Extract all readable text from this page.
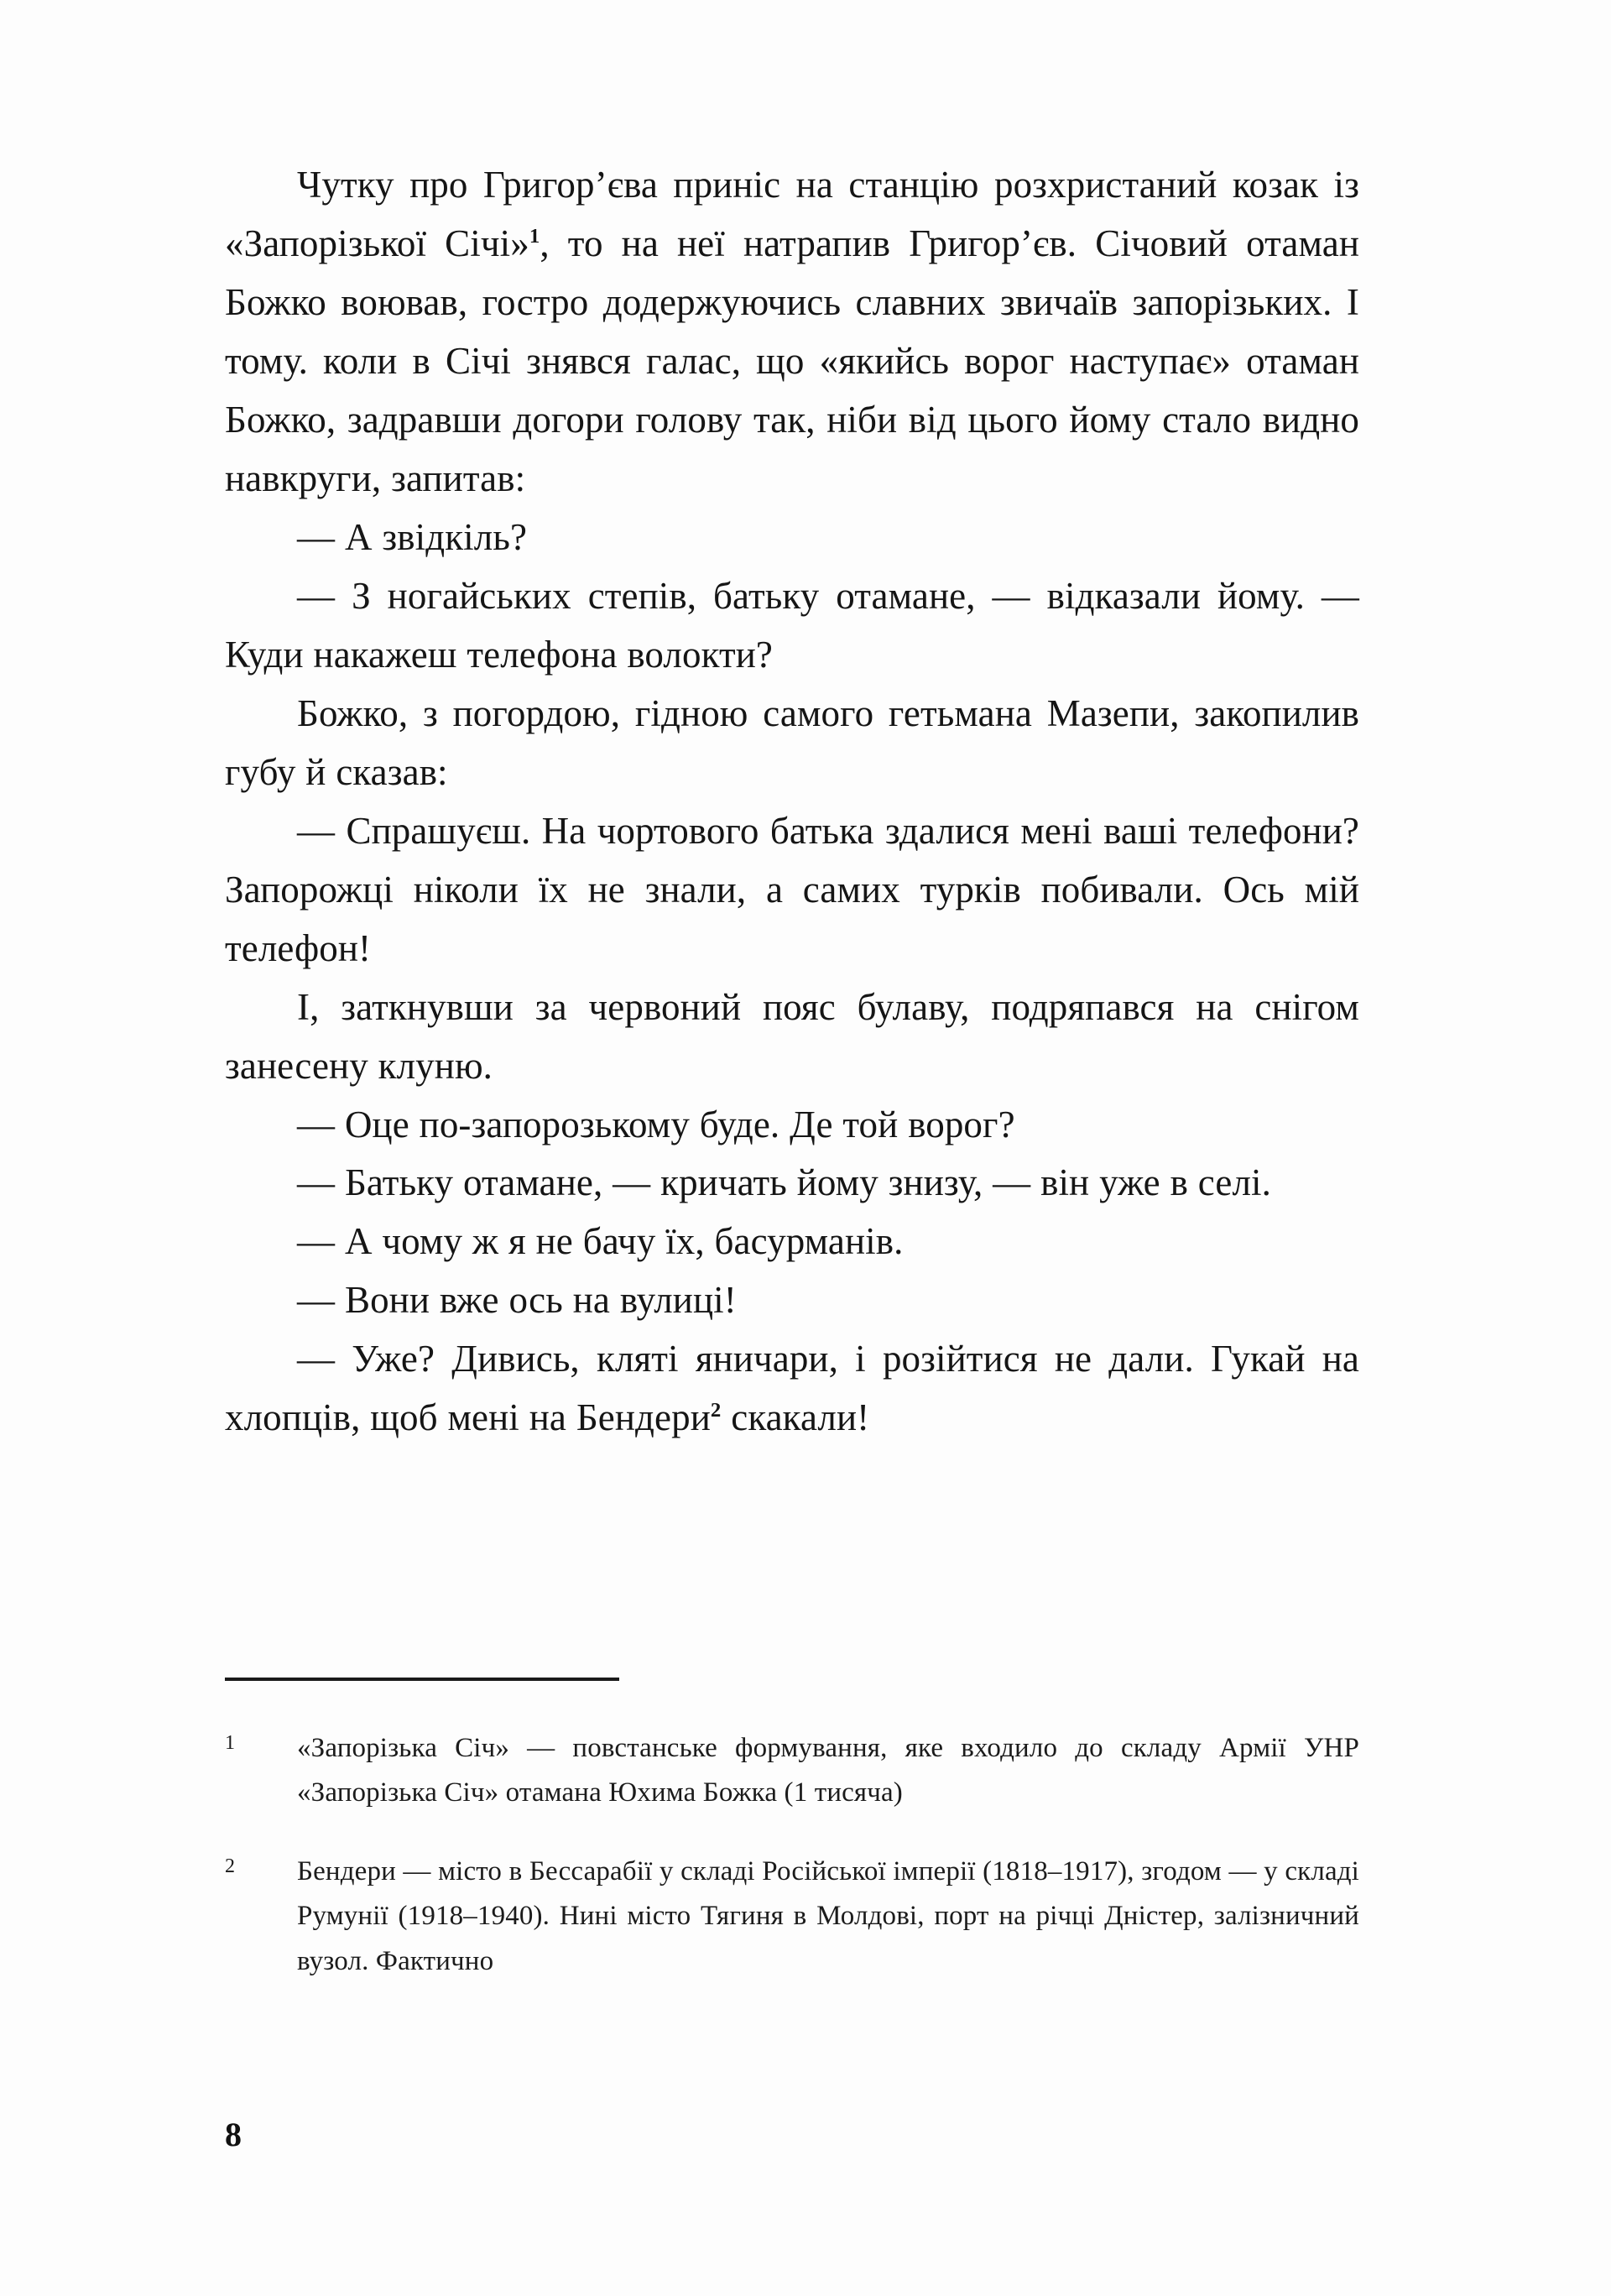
Чутку про Григор’єва приніс на станцію розхристаний козак із «Запорізької Січі»$^1$, то на неї натрапив Григор’єв. Січовий отаман Божко воював, гостро додержуючись славних звичаїв запорізьких. І тому. коли в Січі знявся галас, що «якийсь ворог наступає» отаман Божко, задравши догори голову так, ніби від цього йому стало видно навкруги, запитав:

— А звідкіль?

— З ногайських степів, батьку отамане, — відказали йому. — Куди накажеш телефона волокти?

Божко, з погордою, гідною самого гетьмана Мазепи, закопилив губу й сказав:

— Спрашуєш. На чортового батька здалися мені ваші телефони? Запорожці ніколи їх не знали, а самих турків побивали. Ось мій телефон!

І, заткнувши за червоний пояс булаву, подряпався на снігом занесену клуню.

— Оце по-запорозькому буде. Де той ворог?

— Батьку отамане, — кричать йому знизу, — він уже в селі.

— А чому ж я не бачу їх, басурманів.

— Вони вже ось на вулиці!

— Уже? Дивись, кляті яничари, і розійтися не дали. Гукай на хлопців, щоб мені на Бендери$^2$ скакали!

1	«Запорізька Січ» — повстанське формування, яке входило до складу Армії УНР «Запорізька Січ» отамана Юхима Божка (1 тисяча)
2	Бендери — місто в Бессарабії у складі Російської імперії (1818–1917), згодом — у складі Румунії (1918–1940). Нині місто Тягиня в Молдові, порт на річці Дністер, залізничний вузол. Фактично
8
